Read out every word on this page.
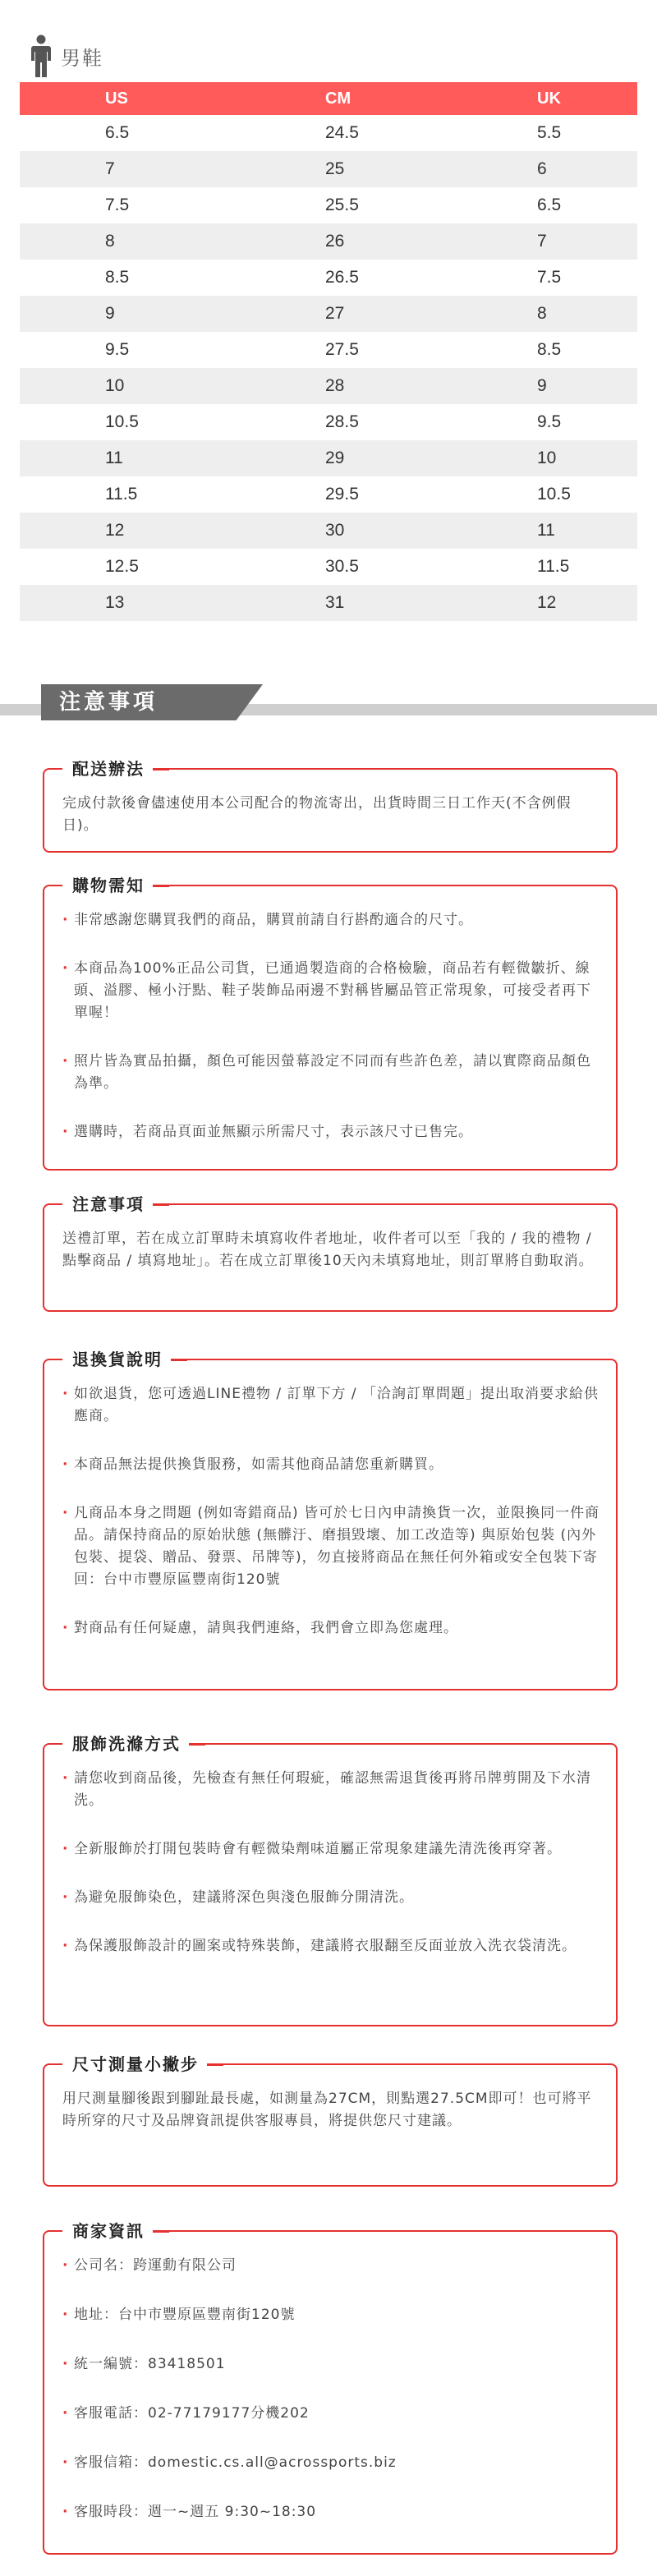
男鞋
US	CM	UK
6.5	24.5	5.5
7	25	6
7.5	25.5	6.5
8	26	7
8.5	26.5	7.5
9	27	8
9.5	27.5	8.5
10	28	9
10.5	28.5	9.5
11	29	10
11.5	29.5	10.5
12	30	11
12.5	30.5	11.5
13	31	12
注意事項
配送辦法
完成付款後會儘速使用本公司配合的物流寄出，出貨時間三日工作天(不含例假日)。
購物需知
· 非常感謝您購買我們的商品，購買前請自行斟酌適合的尺寸。
· 本商品為100%正品公司貨，已通過製造商的合格檢驗，商品若有輕微皺折、線頭、溢膠、極小汙點、鞋子裝飾品兩邊不對稱皆屬品管正常現象，可接受者再下單喔！
· 照片皆為實品拍攝，顏色可能因螢幕設定不同而有些許色差，請以實際商品顏色為準。
· 選購時，若商品頁面並無顯示所需尺寸，表示該尺寸已售完。
注意事項
送禮訂單，若在成立訂單時未填寫收件者地址，收件者可以至「我的 / 我的禮物 / 點擊商品 / 填寫地址」。若在成立訂單後10天內未填寫地址，則訂單將自動取消。
退換貨說明
· 如欲退貨，您可透過LINE禮物 / 訂單下方 / 「洽詢訂單問題」提出取消要求給供應商。
· 本商品無法提供換貨服務，如需其他商品請您重新購買。
· 凡商品本身之問題 (例如寄錯商品) 皆可於七日內申請換貨一次，並限換同一件商品。請保持商品的原始狀態 (無髒汙、磨損毀壞、加工改造等) 與原始包裝 (內外包裝、提袋、贈品、發票、吊牌等)，勿直接將商品在無任何外箱或安全包裝下寄回：台中市豐原區豐南街120號
· 對商品有任何疑慮，請與我們連絡，我們會立即為您處理。
服飾洗滌方式
· 請您收到商品後，先檢查有無任何瑕疵，確認無需退貨後再將吊牌剪開及下水清洗。
· 全新服飾於打開包裝時會有輕微染劑味道屬正常現象建議先清洗後再穿著。
· 為避免服飾染色，建議將深色與淺色服飾分開清洗。
· 為保護服飾設計的圖案或特殊裝飾，建議將衣服翻至反面並放入洗衣袋清洗。
尺寸測量小撇步
用尺測量腳後跟到腳趾最長處，如測量為27CM，則點選27.5CM即可！也可將平時所穿的尺寸及品牌資訊提供客服專員，將提供您尺寸建議。
商家資訊
· 公司名：跨運動有限公司
· 地址：台中市豐原區豐南街120號
· 統一編號：83418501
· 客服電話：02-77179177分機202
· 客服信箱：domestic.cs.all@acrossports.biz
· 客服時段：週一~週五 9:30~18:30
